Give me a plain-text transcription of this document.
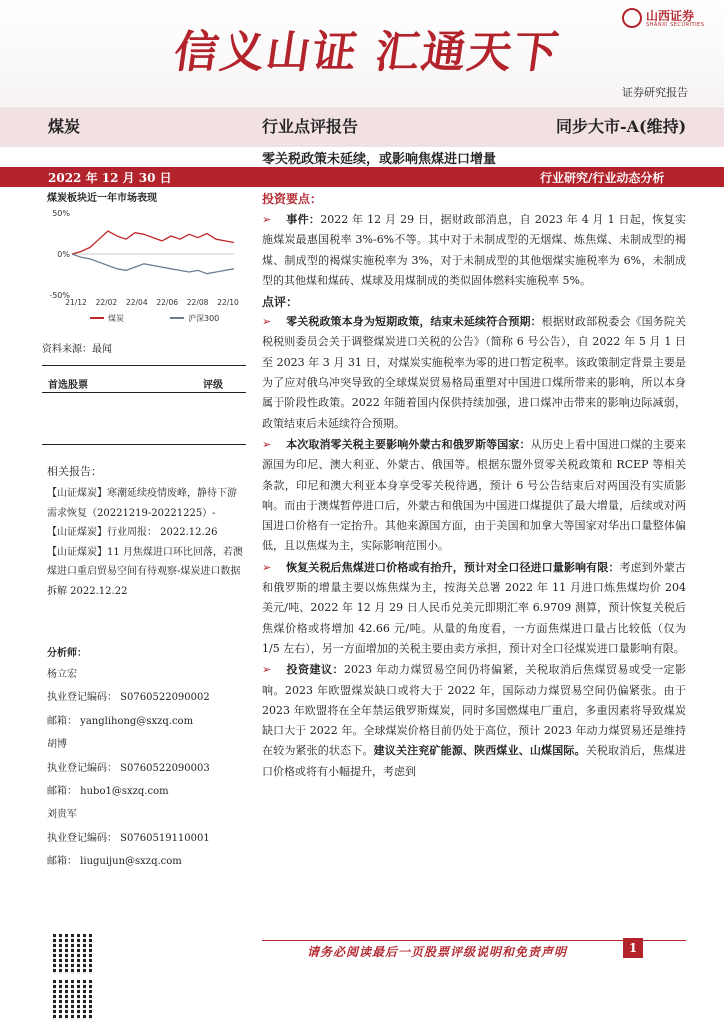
信义山证 汇通天下
山西证券
SHANXI SECURITIES
证券研究报告
煤炭	行业点评报告	同步大市-A(维持)
零关税政策未延续，或影响焦煤进口增量
2022 年 12 月 30 日	行业研究/行业动态分析
煤炭板块近一年市场表现
50%
0%
-50%
21/12 22/02 22/04 22/06 22/08 22/10
煤炭	沪深300
资料来源：最闻
首选股票	评级
相关报告：
【山证煤炭】寒潮延续疫情废峰，静待下游需求恢复（20221219-20221225）-
【山证煤炭】行业周报： 2022.12.26
【山证煤炭】11 月焦煤进口环比回落，若澳煤进口重启贸易空间有待观察-煤炭进口数据拆解 2022.12.22
分析师：
杨立宏
执业登记编码： S0760522090002
邮箱： yanglihong@sxzq.com
胡博
执业登记编码： S0760522090003
邮箱： hubo1@sxzq.com
刘贵军
执业登记编码： S0760519110001
邮箱： liuguijun@sxzq.com
投资要点：

➢ 事件：2022 年 12 月 29 日，据财政部消息，自 2023 年 4 月 1 日起，恢复实施煤炭最惠国税率 3%-6%不等。其中对于未制成型的无烟煤、炼焦煤、未制成型的褐煤、制成型的褐煤实施税率为 3%，对于未制成型的其他烟煤实施税率为 6%，未制成型的其他煤和煤砖、煤球及用煤制成的类似固体燃料实施税率 5%。

点评：

➢ 零关税政策本身为短期政策，结束未延续符合预期：根据财政部税委会《国务院关税税则委员会关于调整煤炭进口关税的公告》（简称 6 号公告），自 2022 年 5 月 1 日至 2023 年 3 月 31 日，对煤炭实施税率为零的进口暂定税率。该政策制定背景主要是为了应对俄乌冲突导致的全球煤炭贸易格局重塑对中国进口煤所带来的影响，所以本身属于阶段性政策。2022 年随着国内保供持续加强，进口煤冲击带来的影响边际减弱，政策结束后未延续符合预期。

➢ 本次取消零关税主要影响外蒙古和俄罗斯等国家：从历史上看中国进口煤的主要来源国为印尼、澳大利亚、外蒙古、俄国等。根据东盟外贸零关税政策和 RCEP 等相关条款，印尼和澳大利亚本身享受零关税待遇，预计 6 号公告结束后对两国没有实质影响。而由于澳煤暂停进口后，外蒙古和俄国为中国进口煤提供了最大增量，后续或对两国进口价格有一定抬升。其他来源国方面，由于美国和加拿大等国家对华出口量整体偏低，且以焦煤为主，实际影响范围小。

➢ 恢复关税后焦煤进口价格或有抬升，预计对全口径进口量影响有限：考虑到外蒙古和俄罗斯的增量主要以炼焦煤为主，按海关总署 2022 年 11 月进口炼焦煤均价 204 美元/吨、2022 年 12 月 29 日人民币兑美元即期汇率 6.9709 测算，预计恢复关税后焦煤价格或将增加 42.66 元/吨。从量的角度看，一方面焦煤进口量占比较低（仅为 1/5 左右），另一方面增加的关税主要由卖方承担，预计对全口径煤炭进口量影响有限。

➢ 投资建议：2023 年动力煤贸易空间仍将偏紧，关税取消后焦煤贸易或受一定影响。2023 年欧盟煤炭缺口或将大于 2022 年，国际动力煤贸易空间仍偏紧张。由于 2023 年欧盟将在全年禁运俄罗斯煤炭，同时多国燃煤电厂重启，多重因素将导致煤炭缺口大于 2022 年。全球煤炭价格目前仍处于高位，预计 2023 年动力煤贸易还是维持在较为紧张的状态下。建议关注兖矿能源、陕西煤业、山煤国际。关税取消后，焦煤进口价格或将有小幅提升，考虑到

请务必阅读最后一页股票评级说明和免责声明	1
